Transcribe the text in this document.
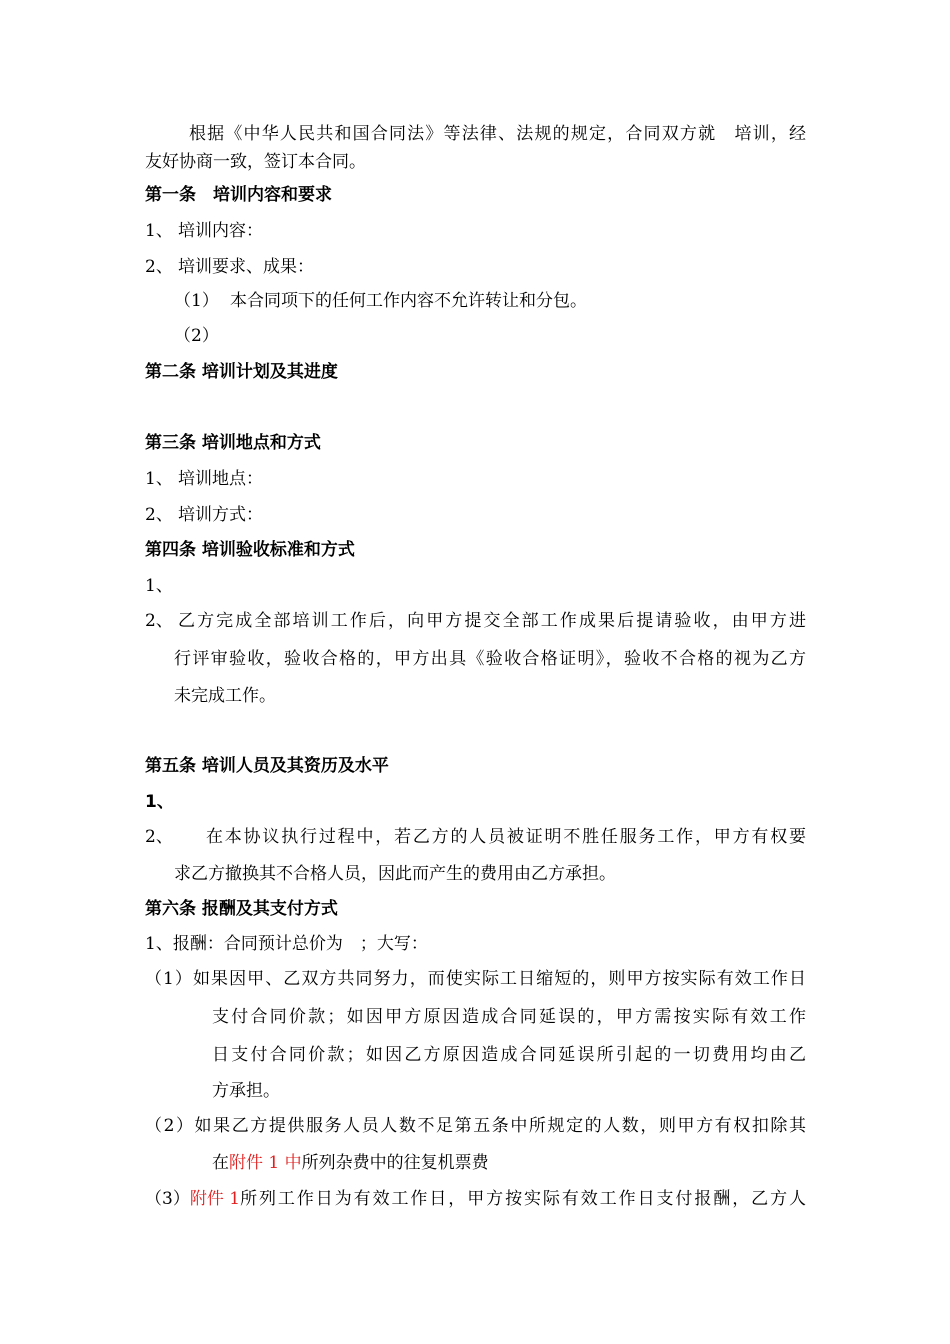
根据《中华人民共和国合同法》等法律、法规的规定，合同双方就　培训，经
友好协商一致，签订本合同。
第一条　培训内容和要求
1、 培训内容：
2、 培训要求、成果：
（1） 本合同项下的任何工作内容不允许转让和分包。
（2）
第二条 培训计划及其进度
第三条 培训地点和方式
1、 培训地点：
2、 培训方式：
第四条 培训验收标准和方式
1、
2、 乙方完成全部培训工作后，向甲方提交全部工作成果后提请验收，由甲方进
行评审验收，验收合格的，甲方出具《验收合格证明》，验收不合格的视为乙方
未完成工作。
第五条 培训人员及其资历及水平
1、
2、 在本协议执行过程中，若乙方的人员被证明不胜任服务工作，甲方有权要
求乙方撤换其不合格人员，因此而产生的费用由乙方承担。
第六条 报酬及其支付方式
1、报酬：合同预计总价为　；大写：
（1）如果因甲、乙双方共同努力，而使实际工日缩短的，则甲方按实际有效工作日
支付合同价款；如因甲方原因造成合同延误的，甲方需按实际有效工作
日支付合同价款；如因乙方原因造成合同延误所引起的一切费用均由乙
方承担。
（2）如果乙方提供服务人员人数不足第五条中所规定的人数，则甲方有权扣除其
在附件 1 中所列杂费中的往复机票费
（3） 附件 1 所列工作日为有效工作日，甲方按实际有效工作日支付报酬，乙方人
